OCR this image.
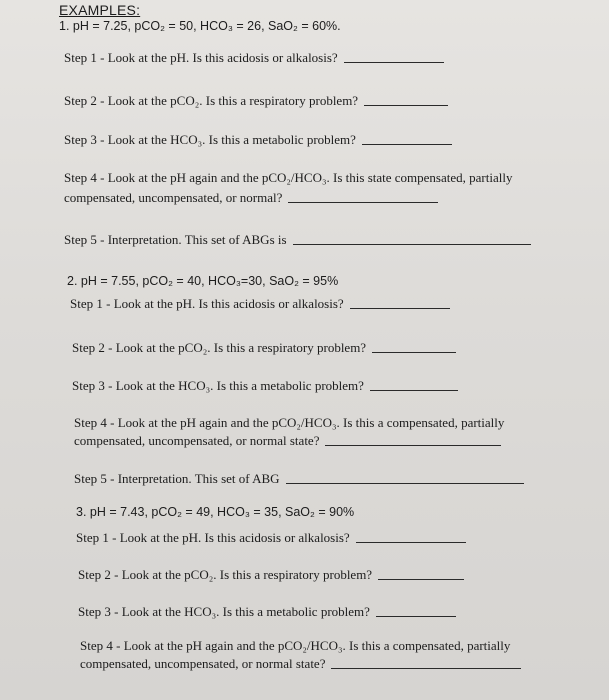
EXAMPLES:
1. pH = 7.25, pCO₂ = 50, HCO₃ = 26, SaO₂ = 60%.
Step 1 - Look at the pH. Is this acidosis or alkalosis?
Step 2 - Look at the pCO₂. Is this a respiratory problem?
Step 3 - Look at the HCO₃. Is this a metabolic problem?
Step 4 - Look at the pH again and the pCO₂/HCO₃. Is this state compensated, partially
compensated, uncompensated, or normal?
Step 5 - Interpretation. This set of ABGs is
2. pH = 7.55, pCO₂ = 40, HCO₃=30, SaO₂ = 95%
Step 1 - Look at the pH. Is this acidosis or alkalosis?
Step 2 - Look at the pCO₂. Is this a respiratory problem?
Step 3 - Look at the HCO₃. Is this a metabolic problem?
Step 4 - Look at the pH again and the pCO₂/HCO₃. Is this a compensated, partially
compensated, uncompensated, or normal state?
Step 5 - Interpretation. This set of ABG
3. pH = 7.43, pCO₂ = 49, HCO₃ = 35, SaO₂ = 90%
Step 1 - Look at the pH. Is this acidosis or alkalosis?
Step 2 - Look at the pCO₂. Is this a respiratory problem?
Step 3 - Look at the HCO₃. Is this a metabolic problem?
Step 4 - Look at the pH again and the pCO₂/HCO₃. Is this a compensated, partially
compensated, uncompensated, or normal state?
